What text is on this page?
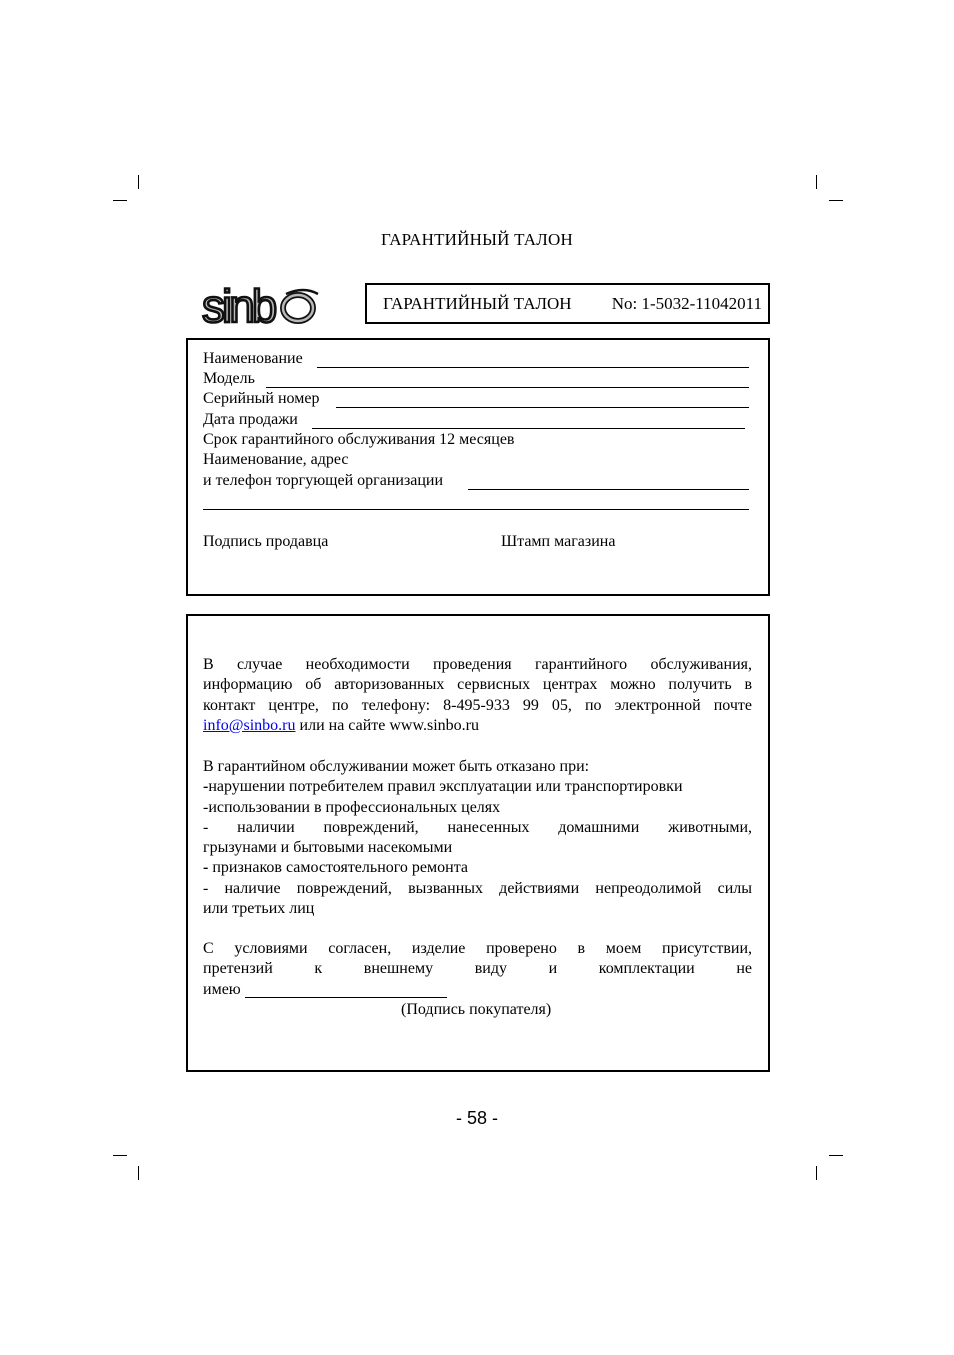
ГАРАНТИЙНЫЙ ТАЛОН
sinb	ГАРАНТИЙНЫЙ ТАЛОН No: 1-5032-11042011
Наименование
Модель
Серийный номер
Дата продажи
Срок гарантийного обслуживания 12 месяцев
Наименование, адрес
и телефон торгующей организации
Подпись продавца	Штамп магазина
В случае необходимости проведения гарантийного обслуживания,
информацию об авторизованных сервисных центрах можно получить в
контакт центре, по телефону: 8-495-933 99 05, по электронной почте
info@sinbo.ru или на сайте www.sinbo.ru
В гарантийном обслуживании может быть отказано при:
-нарушении потребителем правил эксплуатации или транспортировки
-использовании в профессиональных целях
- наличии повреждений, нанесенных домашними животными,
грызунами и бытовыми насекомыми
- признаков самостоятельного ремонта
- наличие повреждений, вызванных действиями непреодолимой силы
или третьих лиц
С условиями согласен, изделие проверено в моем присутствии,
претензий к внешнему виду и комплектации не
имею
(Подпись покупателя)
- 58 -
